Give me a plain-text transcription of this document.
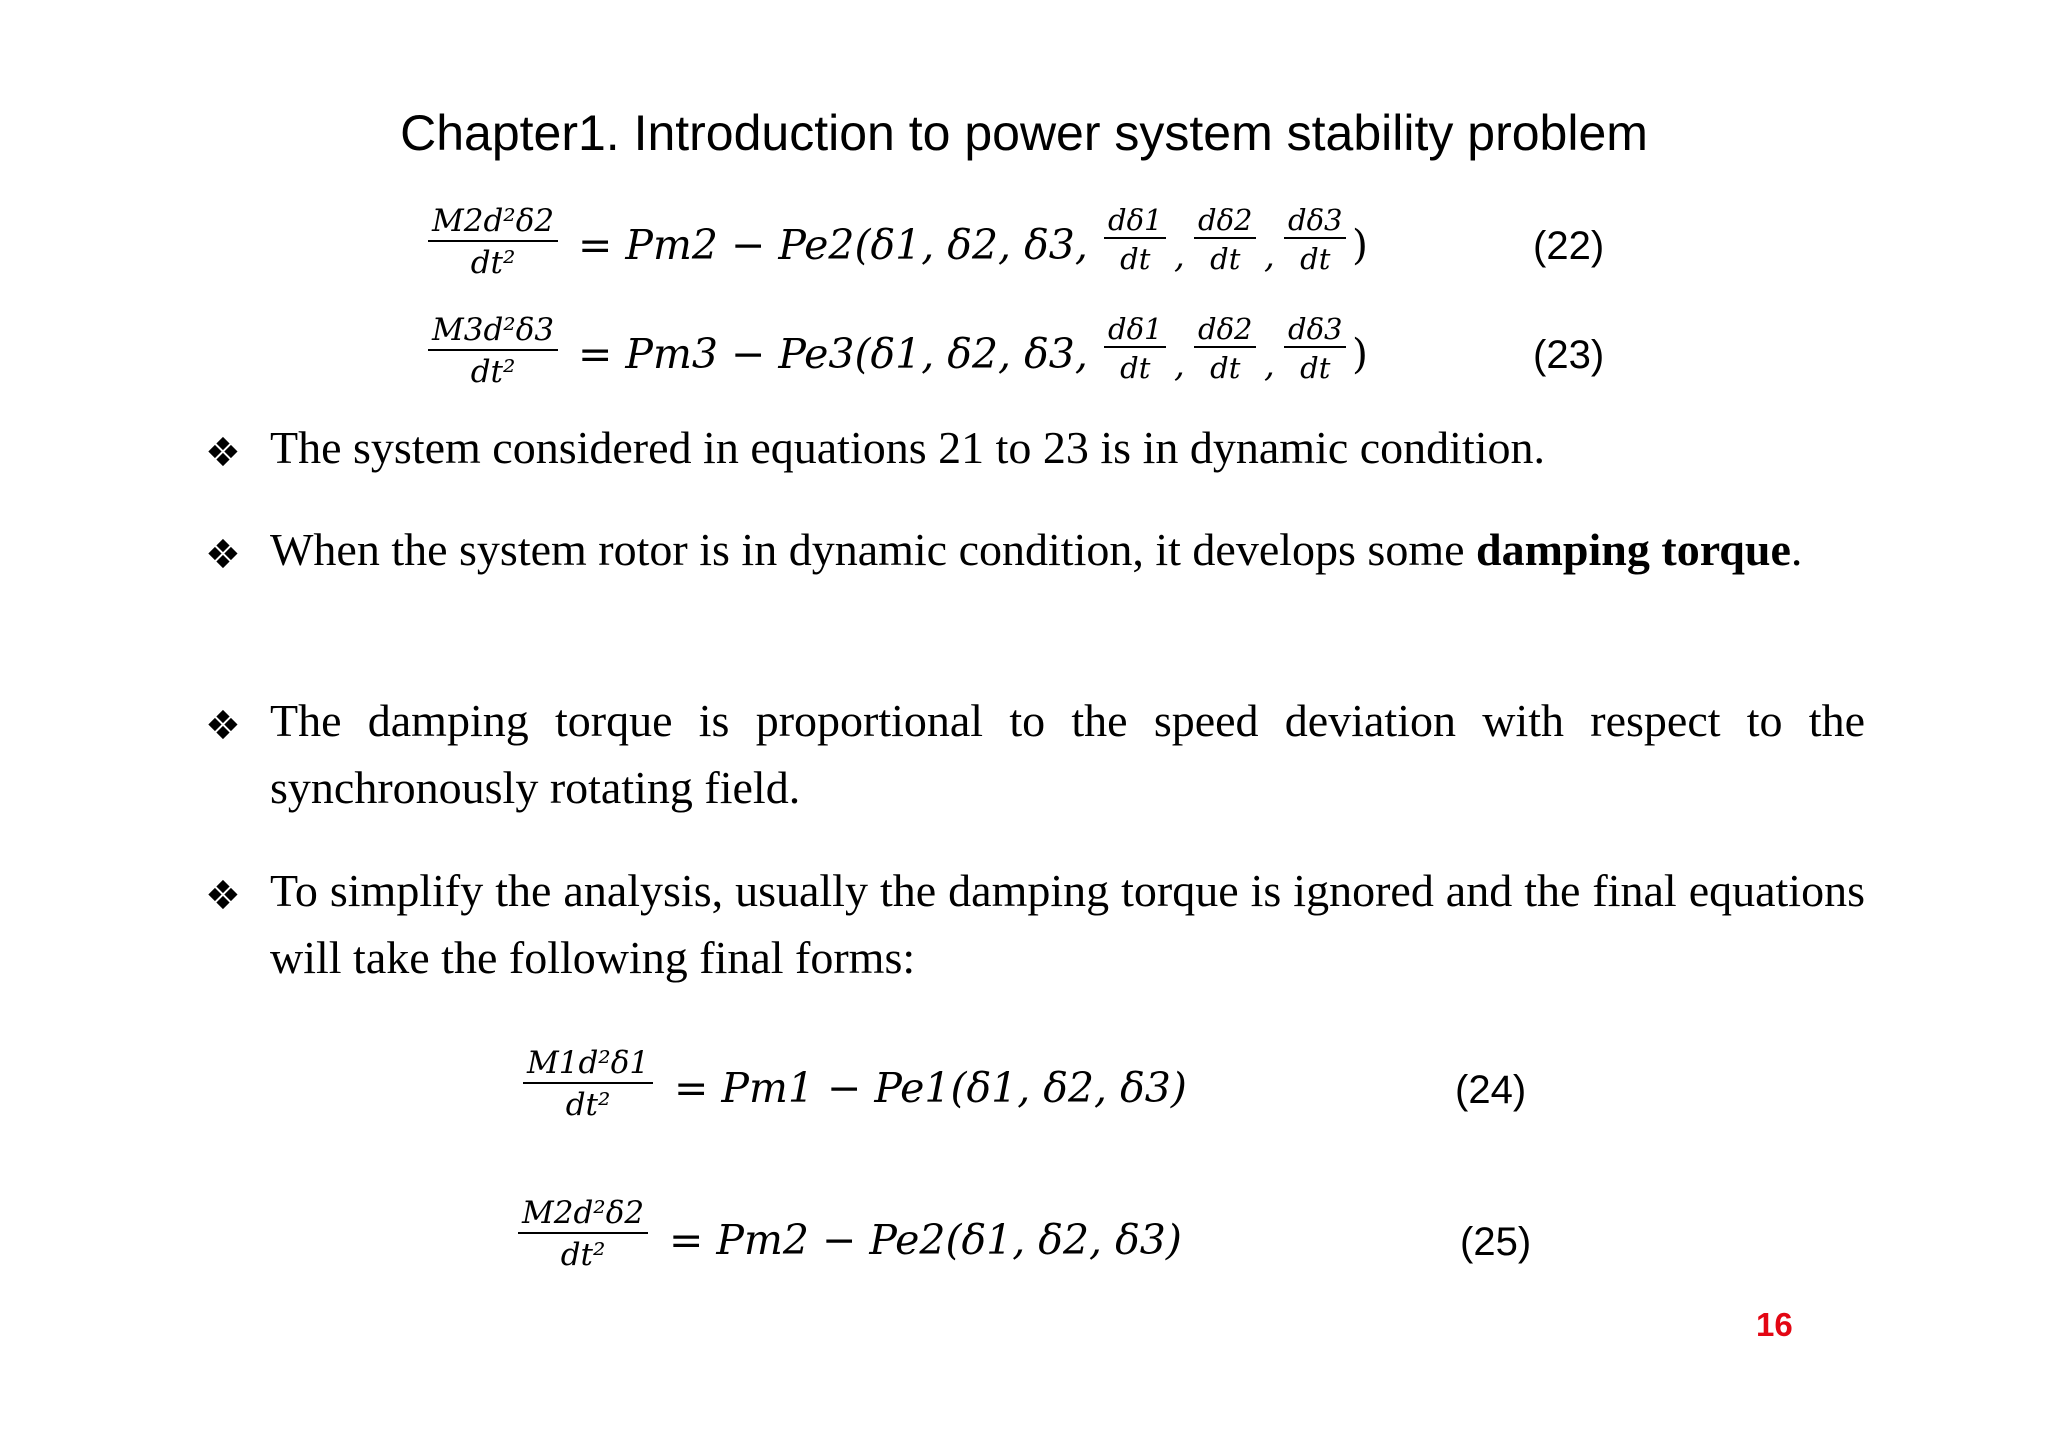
Chapter1. Introduction to power system stability problem
M2d²δ2
dt² = Pm2 − Pe2(δ1, δ2, δ3,
dδ1
dt ,
dδ2
dt ,
dδ3
dt )	(22)
M3d²δ3
dt² = Pm3 − Pe3(δ1, δ2, δ3,
dδ1
dt ,
dδ2
dt ,
dδ3
dt )	(23)
❖ The system considered in equations 21 to 23 is in dynamic condition.
❖ When the system rotor is in dynamic condition, it develops some damping torque.
❖ The damping torque is proportional to the speed deviation with respect to the synchronously rotating field.
❖ To simplify the analysis, usually the damping torque is ignored and the final equations will take the following final forms:
M1d²δ1
dt² = Pm1 − Pe1(δ1, δ2, δ3)	(24)
M2d²δ2
dt² = Pm2 − Pe2(δ1, δ2, δ3)	(25)
16
